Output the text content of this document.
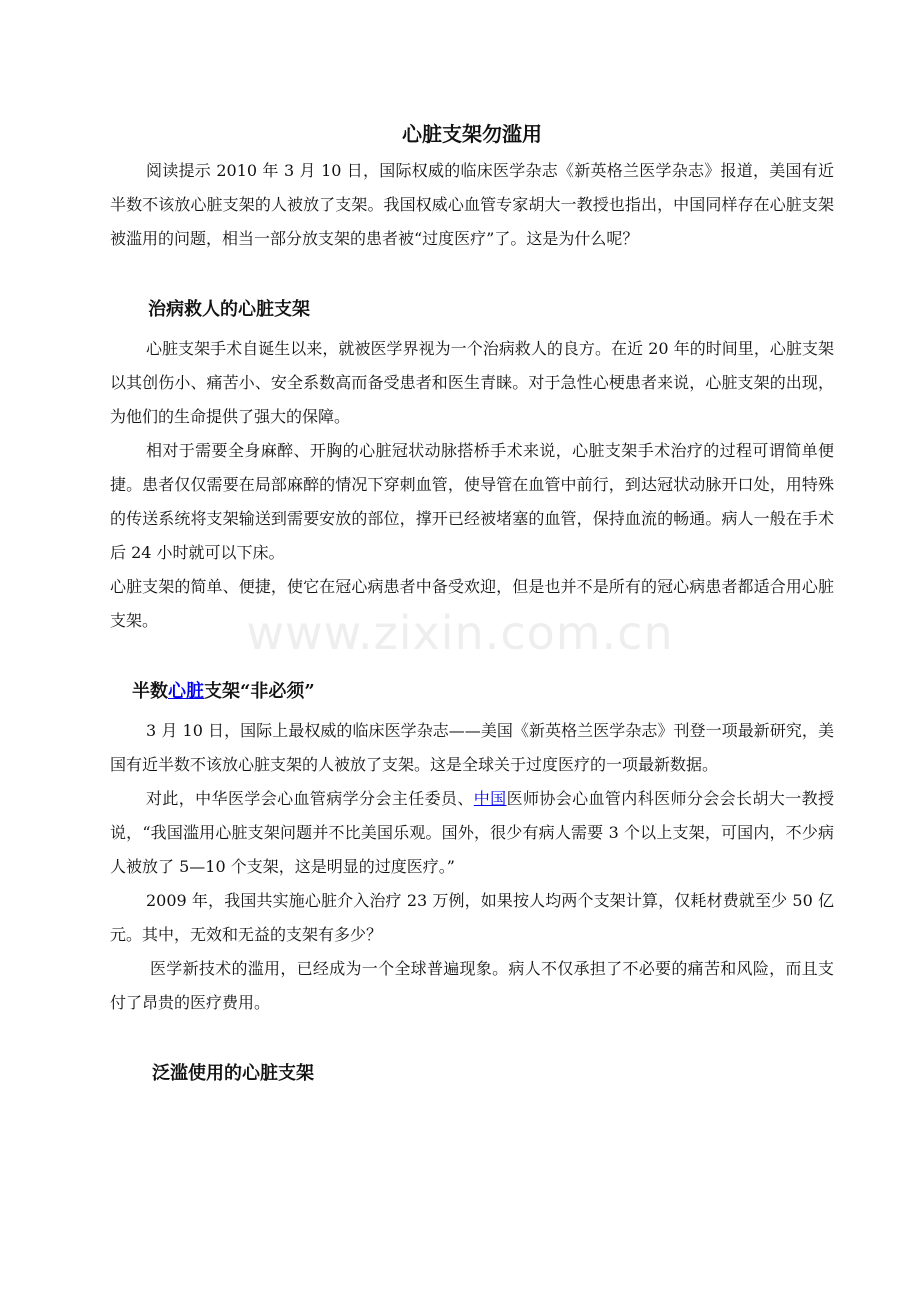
www.zixin.com.cn
心脏支架勿滥用

阅读提示 2010 年 3 月 10 日，国际权威的临床医学杂志《新英格兰医学杂志》报道，美国有近半数不该放心脏支架的人被放了支架。我国权威心血管专家胡大一教授也指出，中国同样存在心脏支架被滥用的问题，相当一部分放支架的患者被“过度医疗”了。这是为什么呢？

治病救人的心脏支架

心脏支架手术自诞生以来，就被医学界视为一个治病救人的良方。在近 20 年的时间里，心脏支架以其创伤小、痛苦小、安全系数高而备受患者和医生青睐。对于急性心梗患者来说，心脏支架的出现，为他们的生命提供了强大的保障。

相对于需要全身麻醉、开胸的心脏冠状动脉搭桥手术来说，心脏支架手术治疗的过程可谓简单便捷。患者仅仅需要在局部麻醉的情况下穿刺血管，使导管在血管中前行，到达冠状动脉开口处，用特殊的传送系统将支架输送到需要安放的部位，撑开已经被堵塞的血管，保持血流的畅通。病人一般在手术后 24 小时就可以下床。

心脏支架的简单、便捷，使它在冠心病患者中备受欢迎，但是也并不是所有的冠心病患者都适合用心脏支架。

半数心脏支架“非必须”

3 月 10 日，国际上最权威的临床医学杂志——美国《新英格兰医学杂志》刊登一项最新研究，美国有近半数不该放心脏支架的人被放了支架。这是全球关于过度医疗的一项最新数据。

对此，中华医学会心血管病学分会主任委员、中国医师协会心血管内科医师分会会长胡大一教授说，“我国滥用心脏支架问题并不比美国乐观。国外，很少有病人需要 3 个以上支架，可国内，不少病人被放了 5—10 个支架，这是明显的过度医疗。”

2009 年，我国共实施心脏介入治疗 23 万例，如果按人均两个支架计算，仅耗材费就至少 50 亿元。其中，无效和无益的支架有多少？

医学新技术的滥用，已经成为一个全球普遍现象。病人不仅承担了不必要的痛苦和风险，而且支付了昂贵的医疗费用。

泛滥使用的心脏支架
